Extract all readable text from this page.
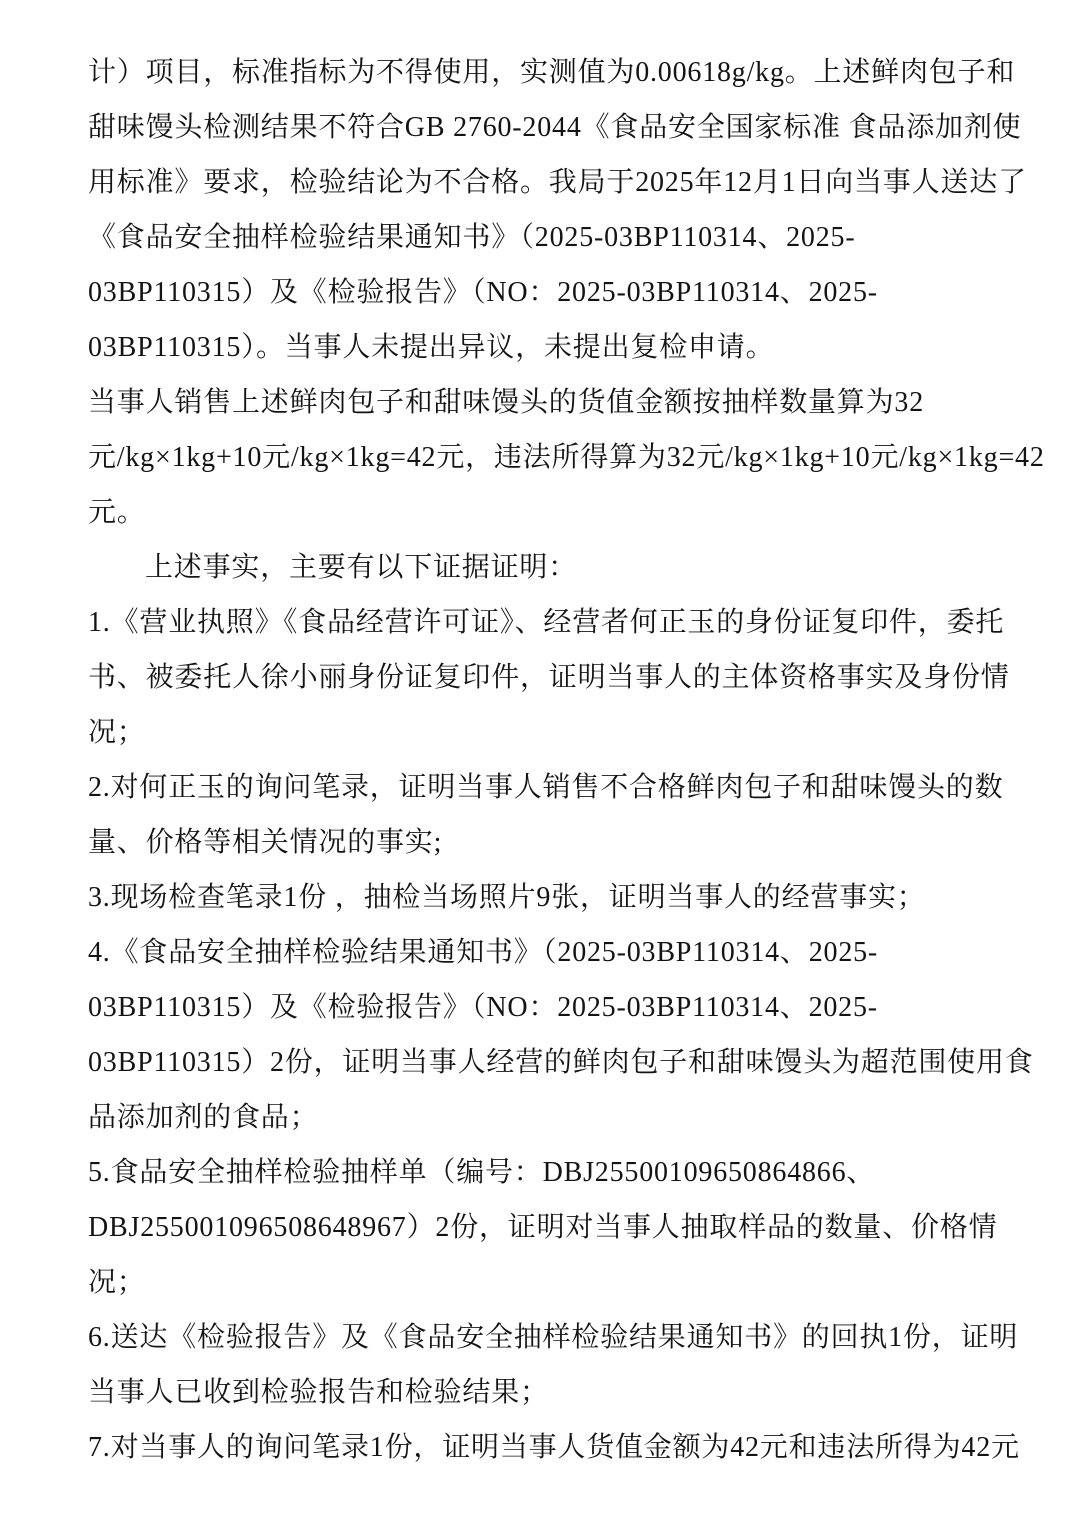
计）项目，标准指标为不得使用，实测值为0.00618g/kg。上述鲜肉包子和
甜味馒头检测结果不符合GB 2760-2044《食品安全国家标准 食品添加剂使
用标准》要求，检验结论为不合格。我局于2025年12月1日向当事人送达了
《食品安全抽样检验结果通知书》（2025-03BP110314、2025-
03BP110315）及《检验报告》（NO：2025-03BP110314、2025-
03BP110315）。当事人未提出异议，未提出复检申请。
当事人销售上述鲜肉包子和甜味馒头的货值金额按抽样数量算为32
元/kg×1kg+10元/kg×1kg=42元，违法所得算为32元/kg×1kg+10元/kg×1kg=42
元。
上述事实，主要有以下证据证明：
1.《营业执照》《食品经营许可证》、经营者何正玉的身份证复印件，委托
书、被委托人徐小丽身份证复印件，证明当事人的主体资格事实及身份情
况；
2.对何正玉的询问笔录，证明当事人销售不合格鲜肉包子和甜味馒头的数
量、价格等相关情况的事实;
3.现场检查笔录1份 ，抽检当场照片9张，证明当事人的经营事实；
4.《食品安全抽样检验结果通知书》（2025-03BP110314、2025-
03BP110315）及《检验报告》（NO：2025-03BP110314、2025-
03BP110315）2份，证明当事人经营的鲜肉包子和甜味馒头为超范围使用食
品添加剂的食品；
5.食品安全抽样检验抽样单（编号：DBJ25500109650864866、
DBJ255001096508648967）2份，证明对当事人抽取样品的数量、价格情
况；
6.送达《检验报告》及《食品安全抽样检验结果通知书》的回执1份，证明
当事人已收到检验报告和检验结果；
7.对当事人的询问笔录1份，证明当事人货值金额为42元和违法所得为42元
